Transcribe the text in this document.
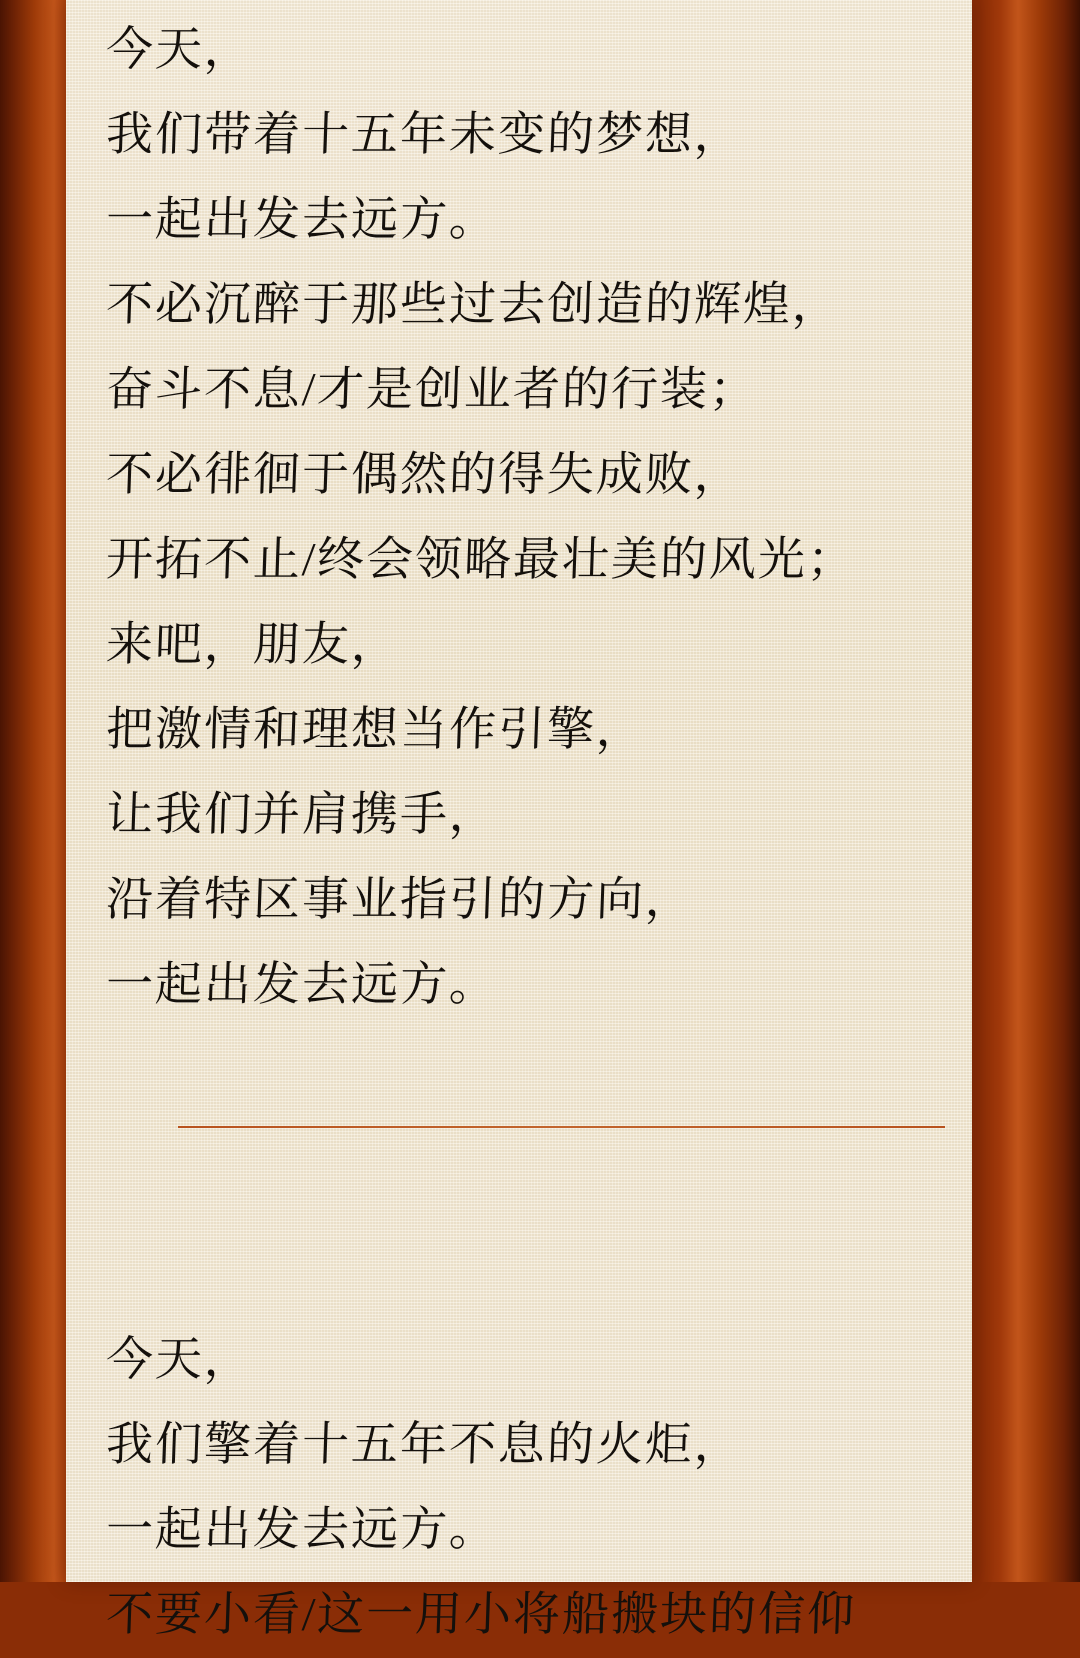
今天，
我们带着十五年未变的梦想，
一起出发去远方。
不必沉醉于那些过去创造的辉煌，
奋斗不息/才是创业者的行装；
不必徘徊于偶然的得失成败，
开拓不止/终会领略最壮美的风光；
来吧，朋友，
把激情和理想当作引擎，
让我们并肩携手，
沿着特区事业指引的方向，
一起出发去远方。
今天，
我们擎着十五年不息的火炬，
一起出发去远方。
不要小看/这一用小将船搬块的信仰
